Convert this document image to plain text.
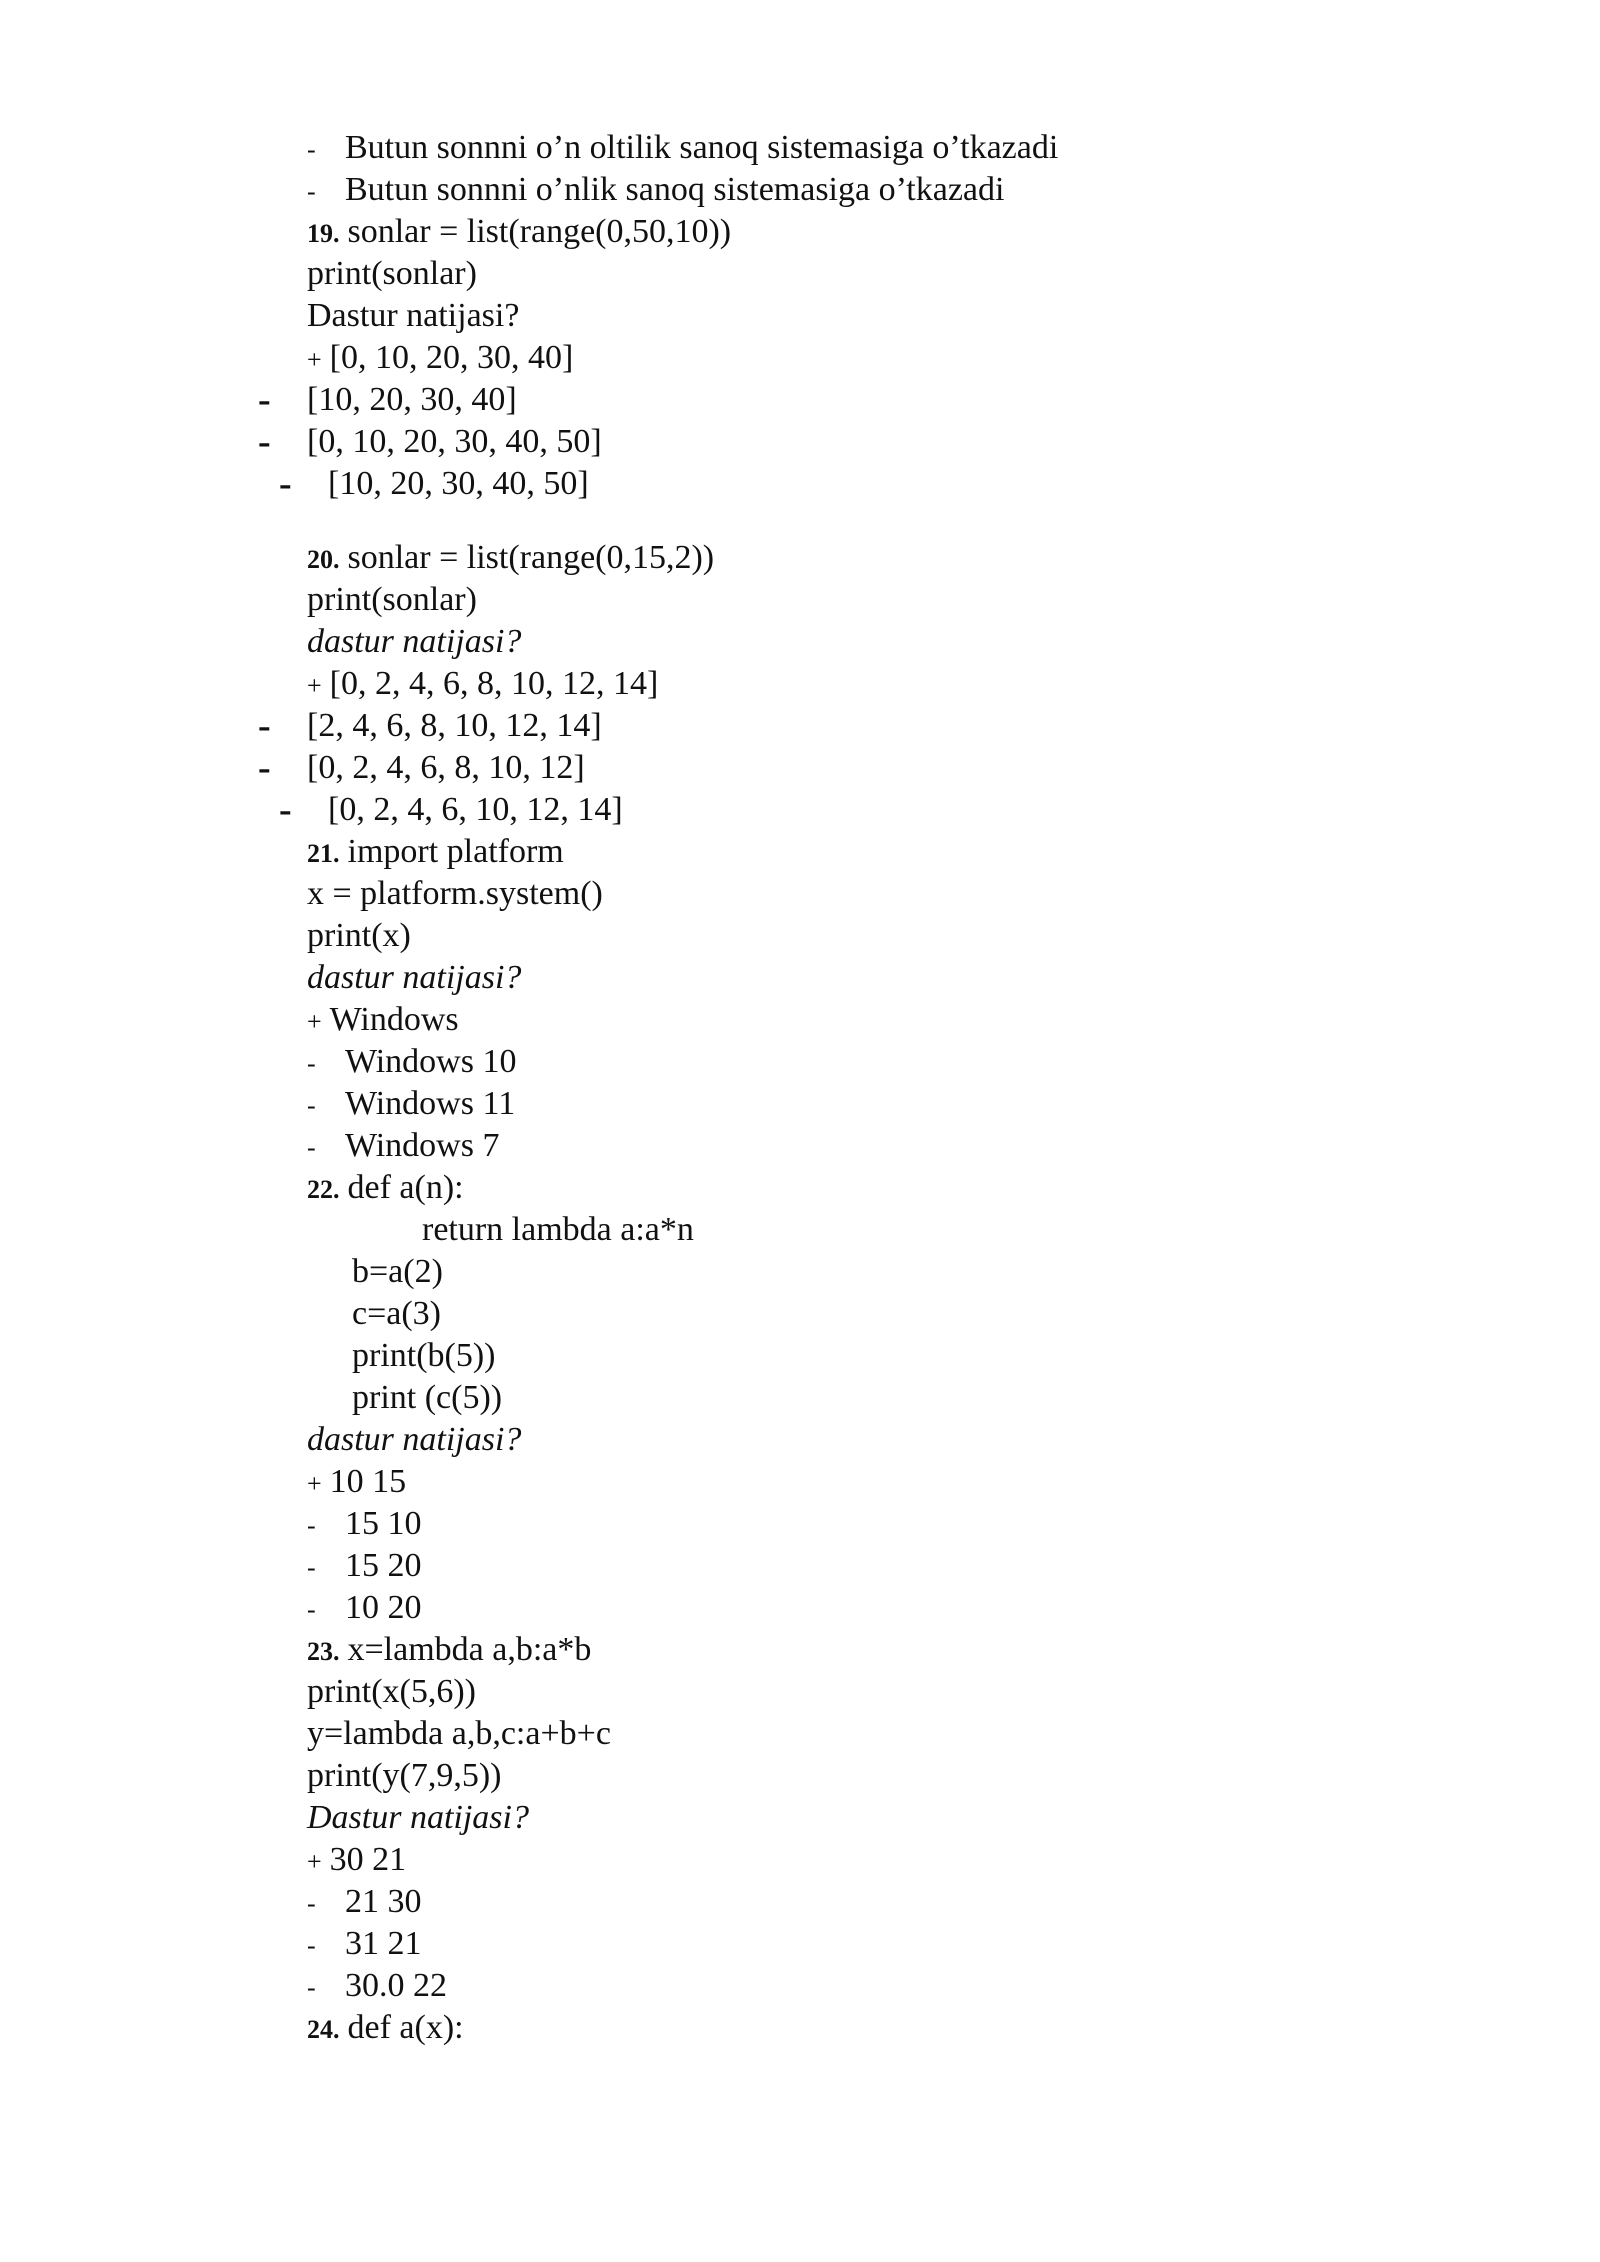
- Butun sonnni o’n oltilik sanoq sistemasiga o’tkazadi
- Butun sonnni o’nlik sanoq sistemasiga o’tkazadi
19. sonlar = list(range(0,50,10))
print(sonlar)
Dastur natijasi?
+ [0, 10, 20, 30, 40]
- [10, 20, 30, 40]
- [0, 10, 20, 30, 40, 50]
- [10, 20, 30, 40, 50]
20. sonlar = list(range(0,15,2))
print(sonlar)
dastur natijasi?
+ [0, 2, 4, 6, 8, 10, 12, 14]
- [2, 4, 6, 8, 10, 12, 14]
- [0, 2, 4, 6, 8, 10, 12]
- [0, 2, 4, 6, 10, 12, 14]
21. import platform
x = platform.system()
print(x)
dastur natijasi?
+ Windows
- Windows 10
- Windows 11
- Windows 7
22. def a(n):
return lambda a:a*n
b=a(2)
c=a(3)
print(b(5))
print (c(5))
dastur natijasi?
+ 10 15
- 15 10
- 15 20
- 10 20
23. x=lambda a,b:a*b
print(x(5,6))
y=lambda a,b,c:a+b+c
print(y(7,9,5))
Dastur natijasi?
+ 30 21
- 21 30
- 31 21
- 30.0 22
24. def a(x):
